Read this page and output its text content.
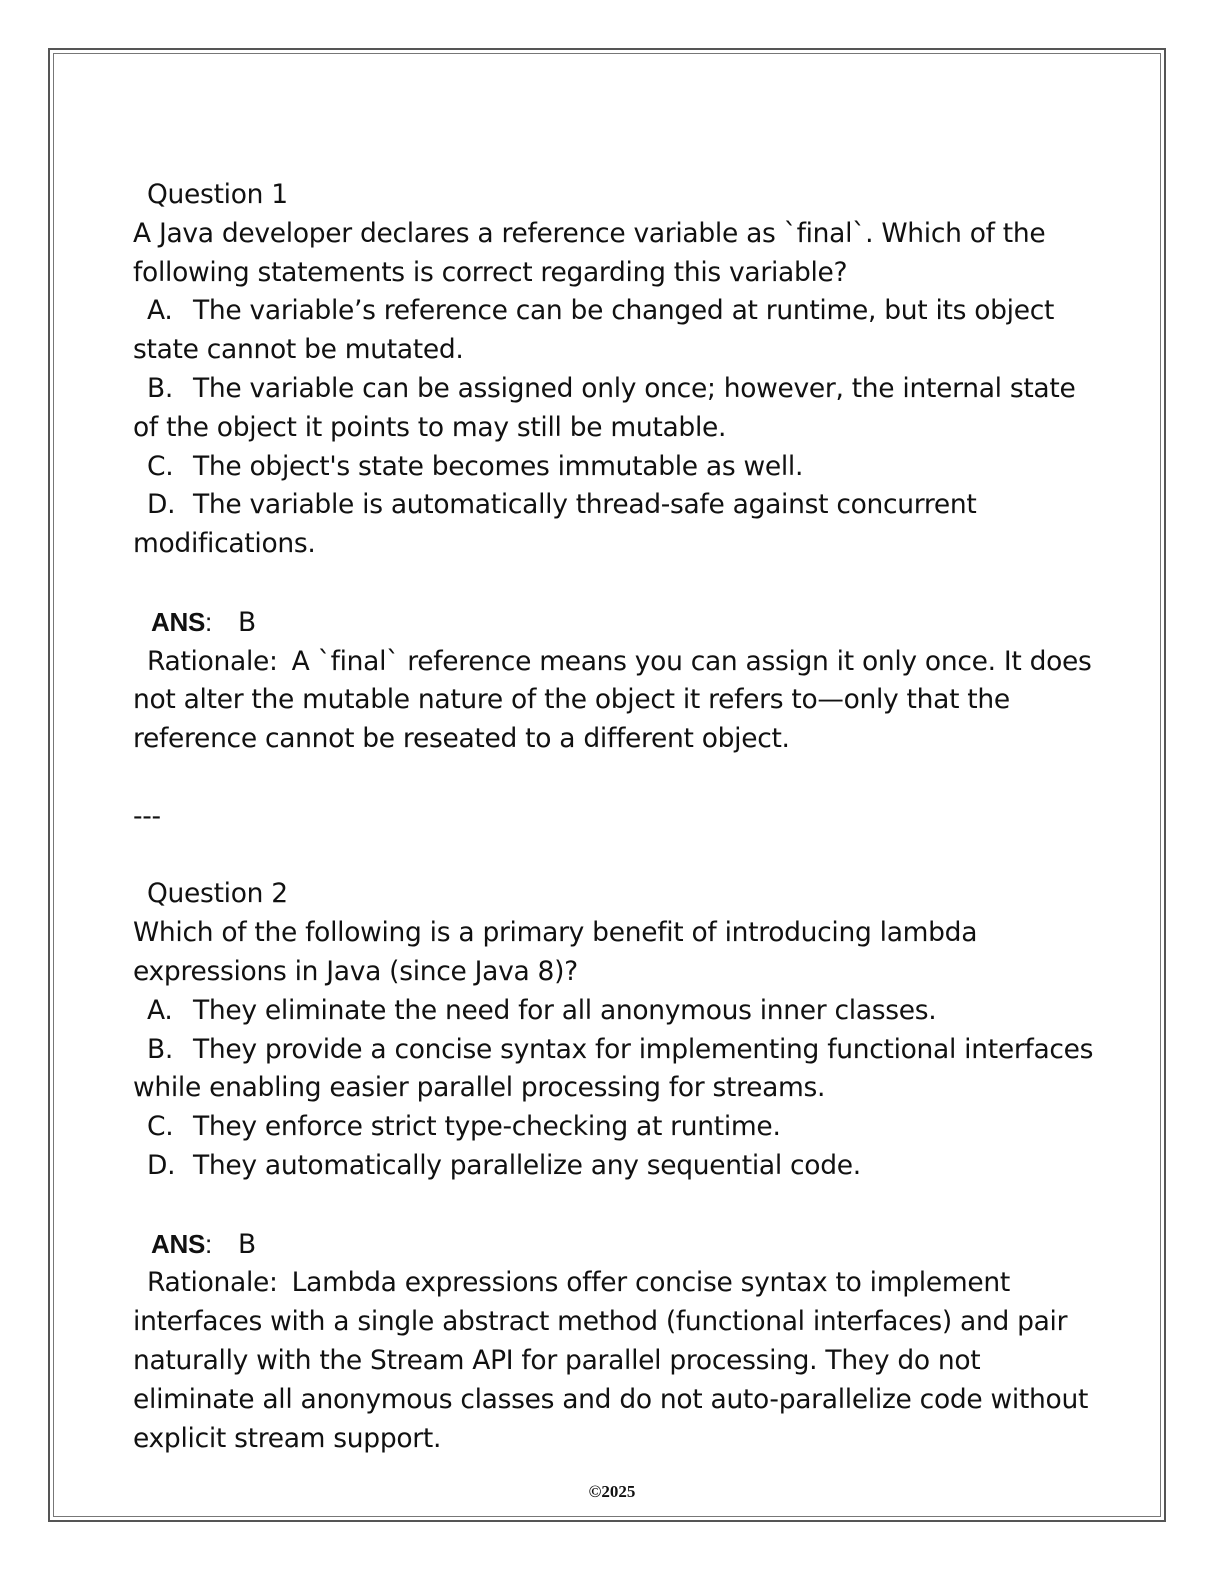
Question 1
A Java developer declares a reference variable as `final`. Which of the
following statements is correct regarding this variable?
A. The variable’s reference can be changed at runtime, but its object
state cannot be mutated.
B. The variable can be assigned only once; however, the internal state
of the object it points to may still be mutable.
C. The object's state becomes immutable as well.
D. The variable is automatically thread-safe against concurrent
modifications.
ANS: B
Rationale: A `final` reference means you can assign it only once. It does
not alter the mutable nature of the object it refers to—only that the
reference cannot be reseated to a different object.
---
Question 2
Which of the following is a primary benefit of introducing lambda
expressions in Java (since Java 8)?
A. They eliminate the need for all anonymous inner classes.
B. They provide a concise syntax for implementing functional interfaces
while enabling easier parallel processing for streams.
C. They enforce strict type-checking at runtime.
D. They automatically parallelize any sequential code.
ANS: B
Rationale: Lambda expressions offer concise syntax to implement
interfaces with a single abstract method (functional interfaces) and pair
naturally with the Stream API for parallel processing. They do not
eliminate all anonymous classes and do not auto-parallelize code without
explicit stream support.
©2025
